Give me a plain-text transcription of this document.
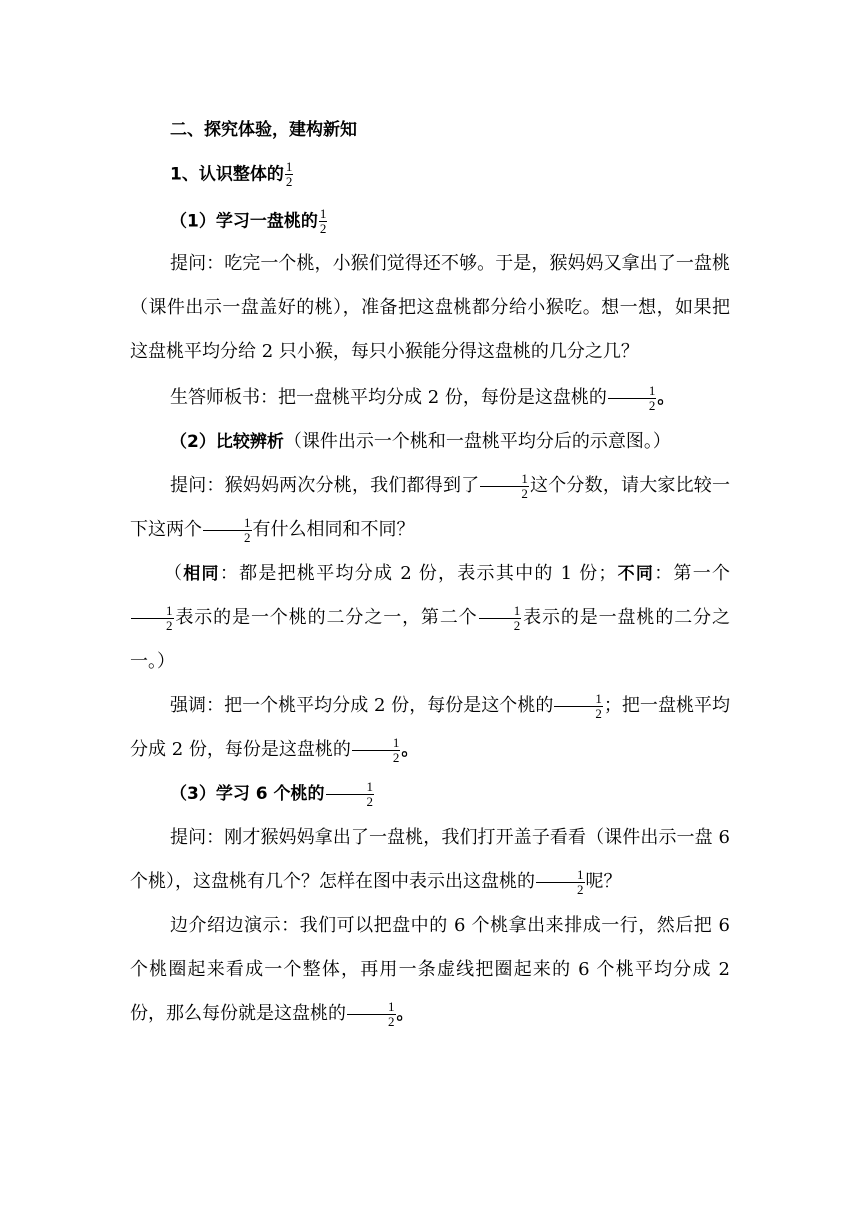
二、探究体验，建构新知

1、认识整体的 $\frac{1}{2}$

（1）学习一盘桃的 $\frac{1}{2}$

提问：吃完一个桃，小猴们觉得还不够。于是，猴妈妈又拿出了一盘桃（课件出示一盘盖好的桃），准备把这盘桃都分给小猴吃。想一想，如果把这盘桃平均分给 2 只小猴，每只小猴能分得这盘桃的几分之几？

生答师板书：把一盘桃平均分成 2 份，每份是这盘桃的 $\frac{1}{2}$ 。

（2）比较辨析（课件出示一个桃和一盘桃平均分后的示意图。）

提问：猴妈妈两次分桃，我们都得到了 $\frac{1}{2}$ 这个分数，请大家比较一下这两个 $\frac{1}{2}$ 有什么相同和不同？

（相同：都是把桃平均分成 2 份，表示其中的 1 份；不同：第一个
$\frac{1}{2}$ 表示的是一个桃的二分之一，第二个 $\frac{1}{2}$ 表示的是一盘桃的二分之一。）

强调：把一个桃平均分成 2 份，每份是这个桃的 $\frac{1}{2}$ ；把一盘桃平均分成 2 份，每份是这盘桃的 $\frac{1}{2}$ 。

（3）学习 6 个桃的 $\frac{1}{2}$

提问：刚才猴妈妈拿出了一盘桃，我们打开盖子看看（课件出示一盘 6 个桃），这盘桃有几个？怎样在图中表示出这盘桃的 $\frac{1}{2}$ 呢？

边介绍边演示：我们可以把盘中的 6 个桃拿出来排成一行，然后把 6 个桃圈起来看成一个整体，再用一条虚线把圈起来的 6 个桃平均分成 2 份，那么每份就是这盘桃的 $\frac{1}{2}$ 。
